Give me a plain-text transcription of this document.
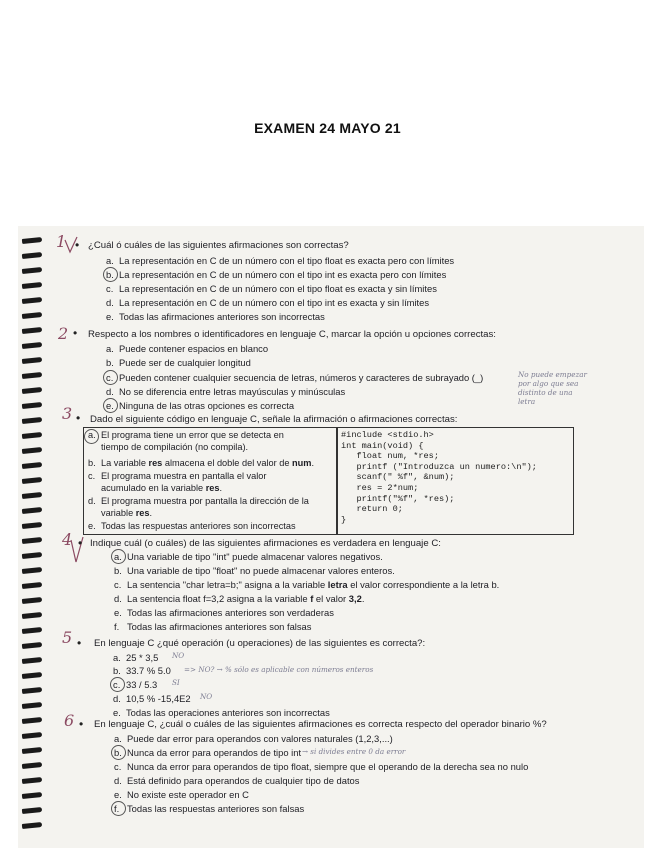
EXAMEN 24 MAYO 21
1 • ¿Cuál ó cuáles de las siguientes afirmaciones son correctas?
a. La representación en C de un número con el tipo float es exacta pero con límites
b. La representación en C de un número con el tipo int es exacta pero con límites
c. La representación en C de un número con el tipo float es exacta y sin límites
d. La representación en C de un número con el tipo int es exacta y sin límites
e. Todas las afirmaciones anteriores son incorrectas
2 • Respecto a los nombres o identificadores en lenguaje C, marcar la opción u opciones correctas:
a. Puede contener espacios en blanco
b. Puede ser de cualquier longitud
c. Pueden contener cualquier secuencia de letras, números y caracteres de subrayado (_)
d. No se diferencia entre letras mayúsculas y minúsculas
e. Ninguna de las otras opciones es correcta
No puede empezar
por algo que sea
distinto de una
letra
3 • Dado el siguiente código en lenguaje C, señale la afirmación o afirmaciones correctas:
a. El programa tiene un error que se detecta en
tiempo de compilación (no compila).
b. La variable res almacena el doble del valor de num.
c. El programa muestra en pantalla el valor
acumulado en la variable res.
d. El programa muestra por pantalla la dirección de la
variable res.
e. Todas las respuestas anteriores son incorrectas
#include <stdio.h>
int main(void) {
float num, *res;
printf ("Introduzca un numero:\n");
scanf(" %f", &num);
res = 2*num;
printf("%f", *res);
return 0;
}
4 • Indique cuál (o cuáles) de las siguientes afirmaciones es verdadera en lenguaje C:
a. Una variable de tipo "int" puede almacenar valores negativos.
b. Una variable de tipo "float" no puede almacenar valores enteros.
c. La sentencia "char letra=b;" asigna a la variable letra el valor correspondiente a la letra b.
d. La sentencia float f=3,2 asigna a la variable f el valor 3,2.
e. Todas las afirmaciones anteriores son verdaderas
f. Todas las afirmaciones anteriores son falsas
5 • En lenguaje C ¿qué operación (u operaciones) de las siguientes es correcta?:
a. 25 * 3,5 NO
b. 33.7 % 5.0 => NO? → % sólo es aplicable con números enteros
c. 33 / 5.3 SI
d. 10,5 % -15,4E2 NO
e. Todas las operaciones anteriores son incorrectas
6 • En lenguaje C, ¿cuál o cuáles de las siguientes afirmaciones es correcta respecto del operador binario %?
a. Puede dar error para operandos con valores naturales (1,2,3,...)
b. Nunca da error para operandos de tipo int → si divides entre 0 da error
c. Nunca da error para operandos de tipo float, siempre que el operando de la derecha sea no nulo
d. Está definido para operandos de cualquier tipo de datos
e. No existe este operador en C
f. Todas las respuestas anteriores son falsas
